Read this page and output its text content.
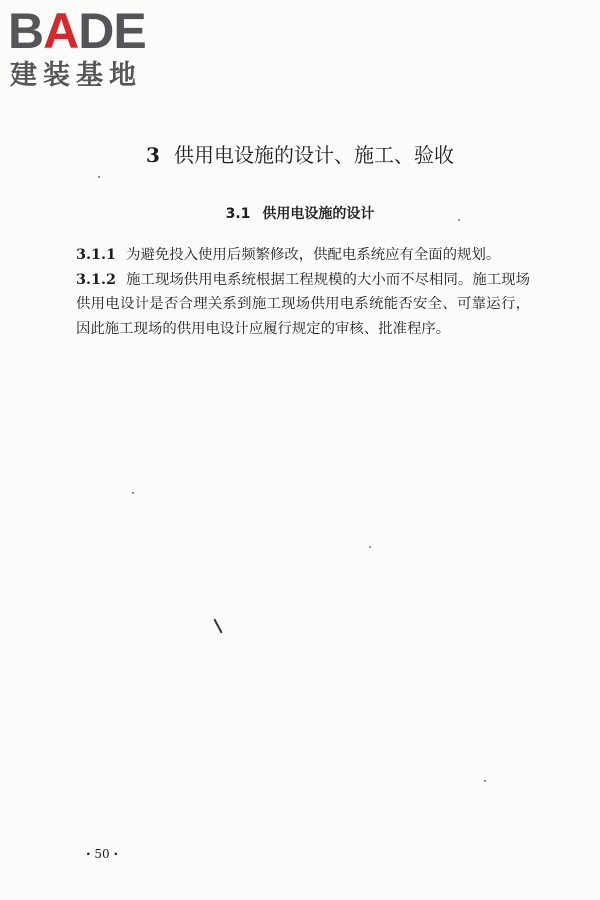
BADE
建装基地
3 供用电设施的设计、施工、验收
3.1 供用电设施的设计

3.1.1 为避免投入使用后频繁修改，供配电系统应有全面的规划。

3.1.2 施工现场供用电系统根据工程规模的大小而不尽相同。施工现场供用电设计是否合理关系到施工现场供用电系统能否安全、可靠运行，因此施工现场的供用电设计应履行规定的审核、批准程序。

· 50 ·
